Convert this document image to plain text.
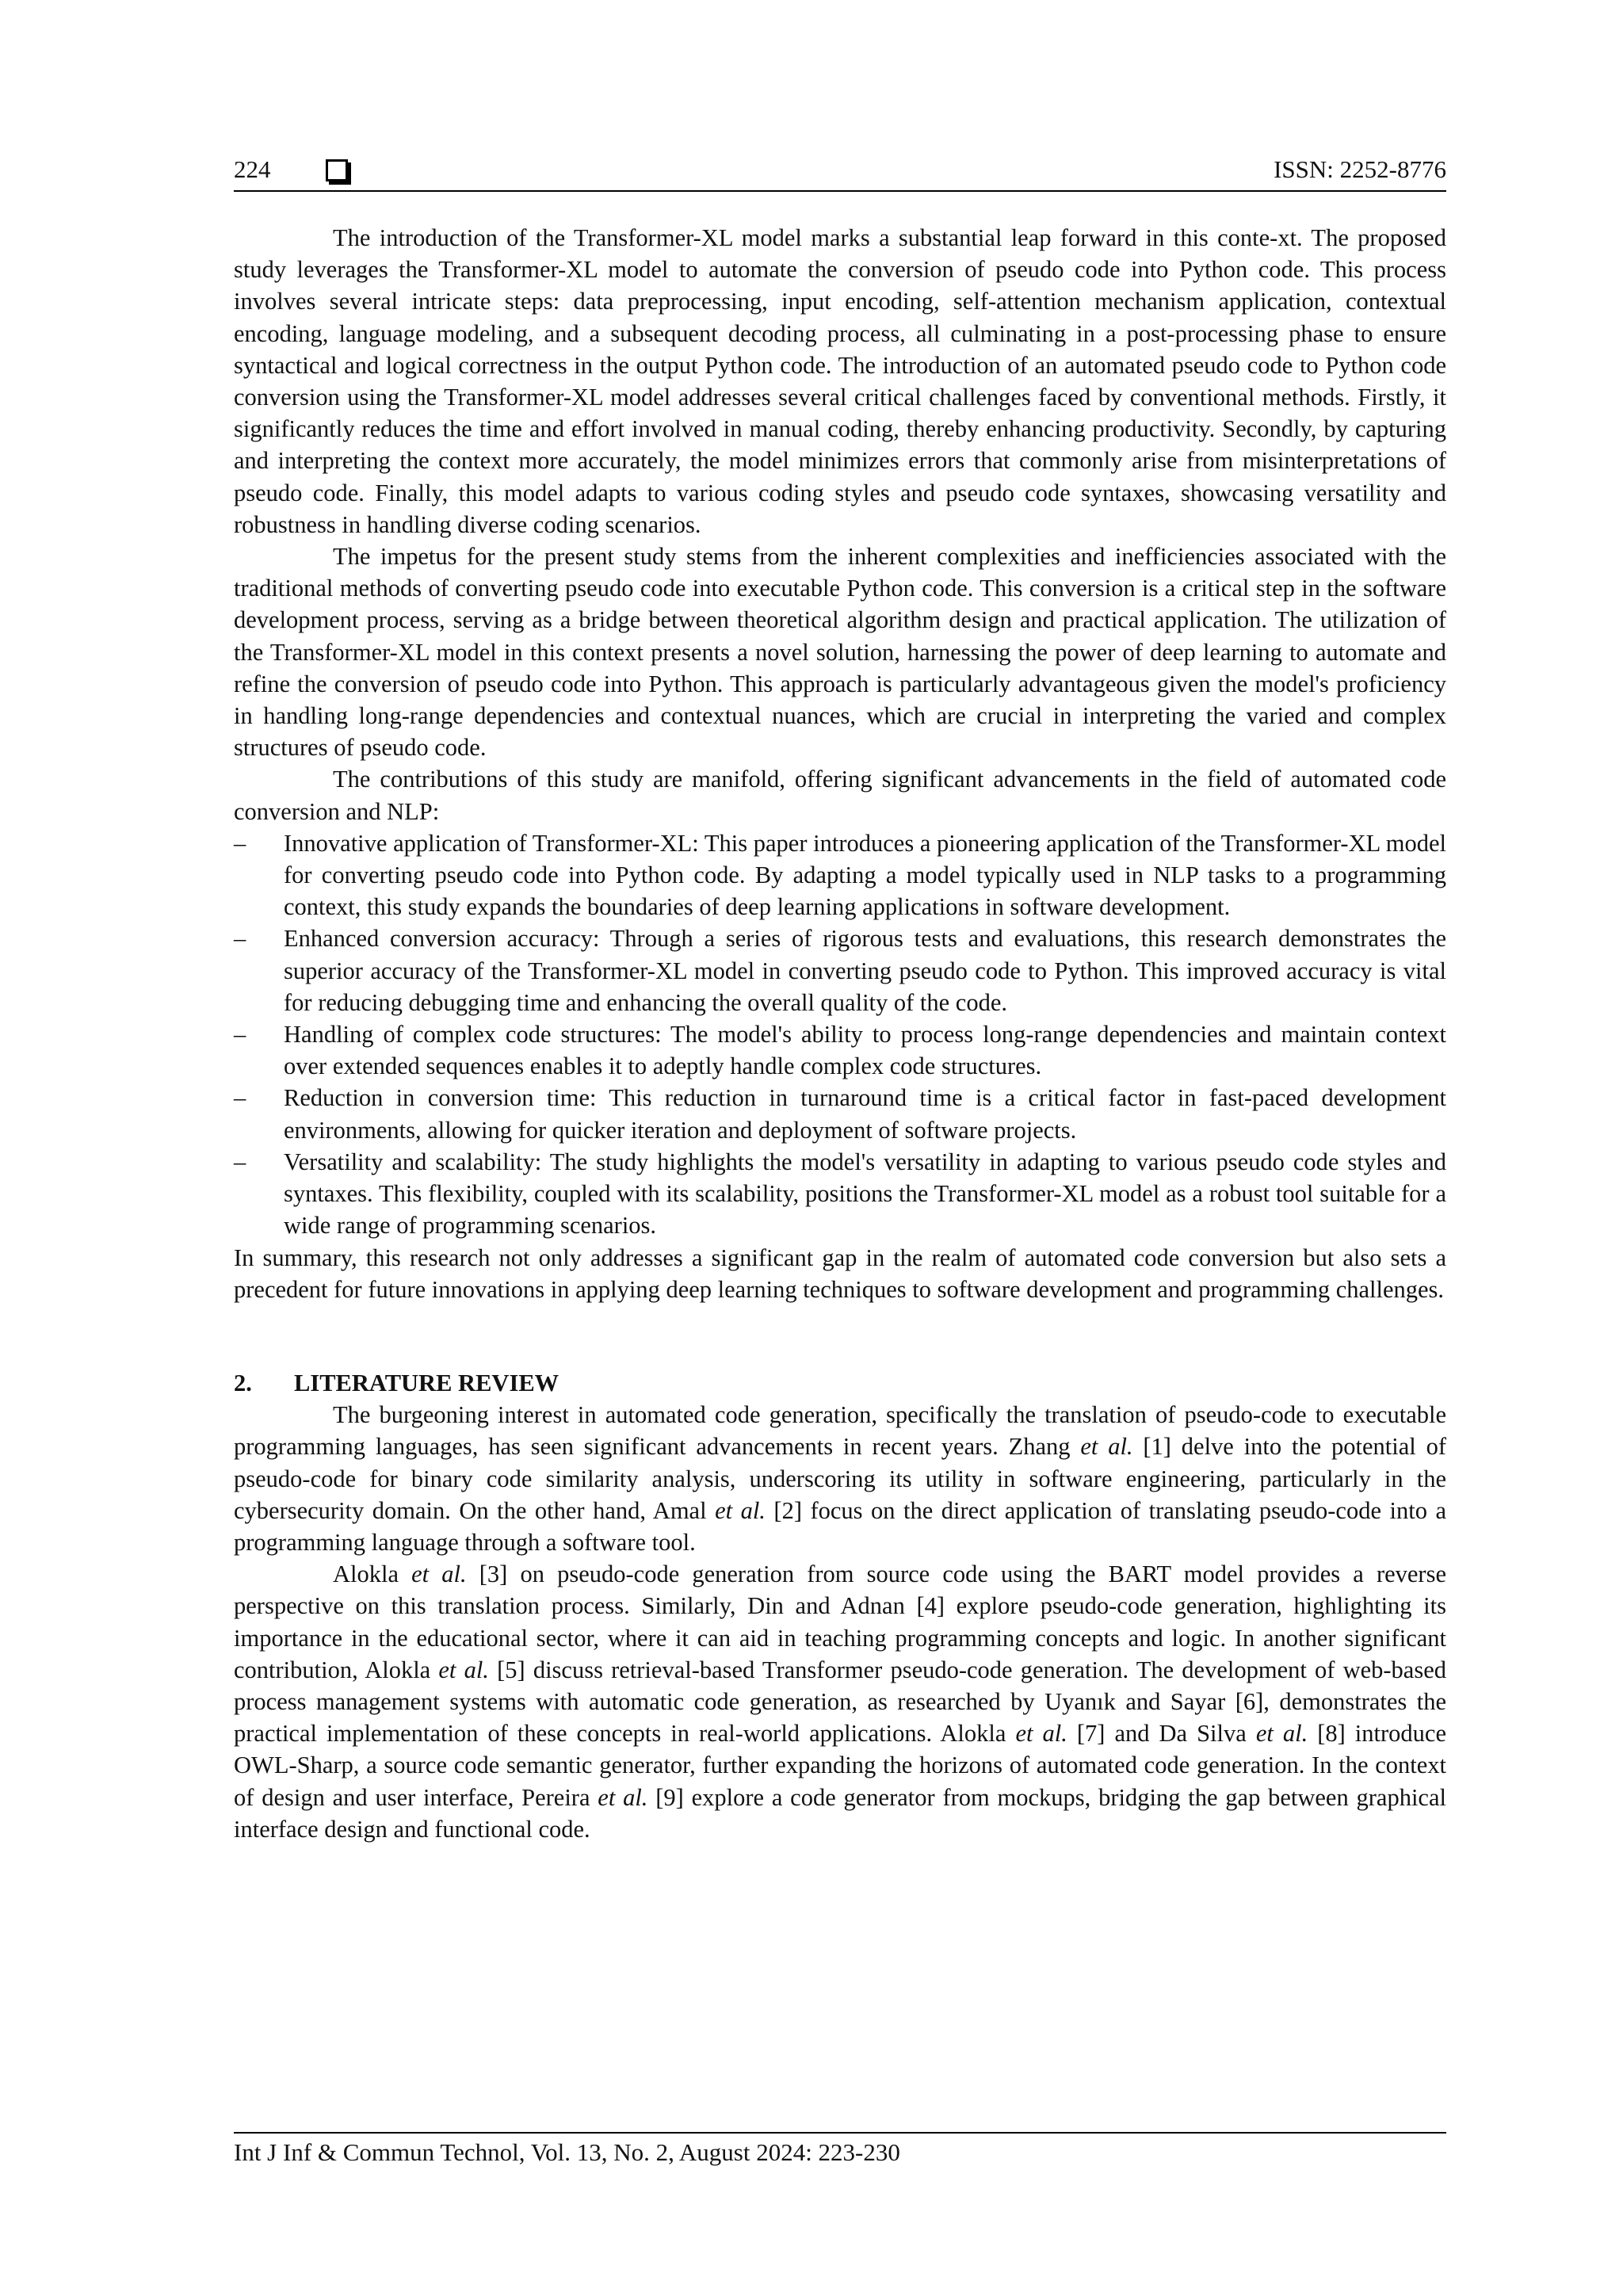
224	ISSN: 2252-8776

The introduction of the Transformer-XL model marks a substantial leap forward in this conte-xt. The proposed study leverages the Transformer-XL model to automate the conversion of pseudo code into Python code. This process involves several intricate steps: data preprocessing, input encoding, self-attention mechanism application, contextual encoding, language modeling, and a subsequent decoding process, all culminating in a post-processing phase to ensure syntactical and logical correctness in the output Python code. The introduction of an automated pseudo code to Python code conversion using the Transformer-XL model addresses several critical challenges faced by conventional methods. Firstly, it significantly reduces the time and effort involved in manual coding, thereby enhancing productivity. Secondly, by capturing and interpreting the context more accurately, the model minimizes errors that commonly arise from misinterpretations of pseudo code. Finally, this model adapts to various coding styles and pseudo code syntaxes, showcasing versatility and robustness in handling diverse coding scenarios.

The impetus for the present study stems from the inherent complexities and inefficiencies associated with the traditional methods of converting pseudo code into executable Python code. This conversion is a critical step in the software development process, serving as a bridge between theoretical algorithm design and practical application. The utilization of the Transformer-XL model in this context presents a novel solution, harnessing the power of deep learning to automate and refine the conversion of pseudo code into Python. This approach is particularly advantageous given the model's proficiency in handling long-range dependencies and contextual nuances, which are crucial in interpreting the varied and complex structures of pseudo code.

The contributions of this study are manifold, offering significant advancements in the field of automated code conversion and NLP:

– Innovative application of Transformer-XL: This paper introduces a pioneering application of the Transformer-XL model for converting pseudo code into Python code. By adapting a model typically used in NLP tasks to a programming context, this study expands the boundaries of deep learning applications in software development.
– Enhanced conversion accuracy: Through a series of rigorous tests and evaluations, this research demonstrates the superior accuracy of the Transformer-XL model in converting pseudo code to Python. This improved accuracy is vital for reducing debugging time and enhancing the overall quality of the code.
– Handling of complex code structures: The model's ability to process long-range dependencies and maintain context over extended sequences enables it to adeptly handle complex code structures.
– Reduction in conversion time: This reduction in turnaround time is a critical factor in fast-paced development environments, allowing for quicker iteration and deployment of software projects.
– Versatility and scalability: The study highlights the model's versatility in adapting to various pseudo code styles and syntaxes. This flexibility, coupled with its scalability, positions the Transformer-XL model as a robust tool suitable for a wide range of programming scenarios.

In summary, this research not only addresses a significant gap in the realm of automated code conversion but also sets a precedent for future innovations in applying deep learning techniques to software development and programming challenges.

2. LITERATURE REVIEW

The burgeoning interest in automated code generation, specifically the translation of pseudo-code to executable programming languages, has seen significant advancements in recent years. Zhang et al. [1] delve into the potential of pseudo-code for binary code similarity analysis, underscoring its utility in software engineering, particularly in the cybersecurity domain. On the other hand, Amal et al. [2] focus on the direct application of translating pseudo-code into a programming language through a software tool.

Alokla et al. [3] on pseudo-code generation from source code using the BART model provides a reverse perspective on this translation process. Similarly, Din and Adnan [4] explore pseudo-code generation, highlighting its importance in the educational sector, where it can aid in teaching programming concepts and logic. In another significant contribution, Alokla et al. [5] discuss retrieval-based Transformer pseudo-code generation. The development of web-based process management systems with automatic code generation, as researched by Uyanık and Sayar [6], demonstrates the practical implementation of these concepts in real-world applications. Alokla et al. [7] and Da Silva et al. [8] introduce OWL-Sharp, a source code semantic generator, further expanding the horizons of automated code generation. In the context of design and user interface, Pereira et al. [9] explore a code generator from mockups, bridging the gap between graphical interface design and functional code.

Int J Inf & Commun Technol, Vol. 13, No. 2, August 2024: 223-230
